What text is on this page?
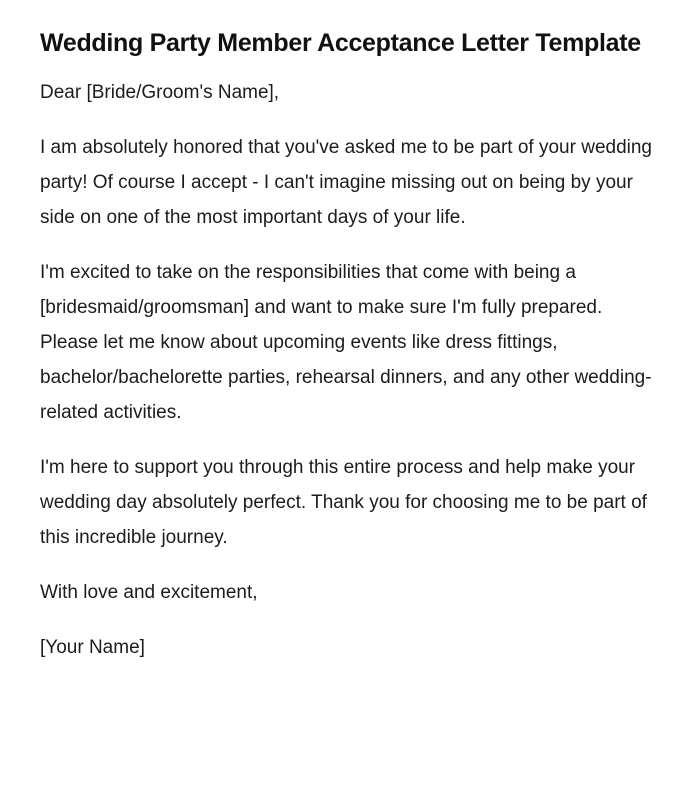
Wedding Party Member Acceptance Letter Template

Dear [Bride/Groom's Name],

I am absolutely honored that you've asked me to be part of your wedding party! Of course I accept - I can't imagine missing out on being by your side on one of the most important days of your life.

I'm excited to take on the responsibilities that come with being a [bridesmaid/groomsman] and want to make sure I'm fully prepared. Please let me know about upcoming events like dress fittings, bachelor/bachelorette parties, rehearsal dinners, and any other wedding-related activities.

I'm here to support you through this entire process and help make your wedding day absolutely perfect. Thank you for choosing me to be part of this incredible journey.

With love and excitement,

[Your Name]
